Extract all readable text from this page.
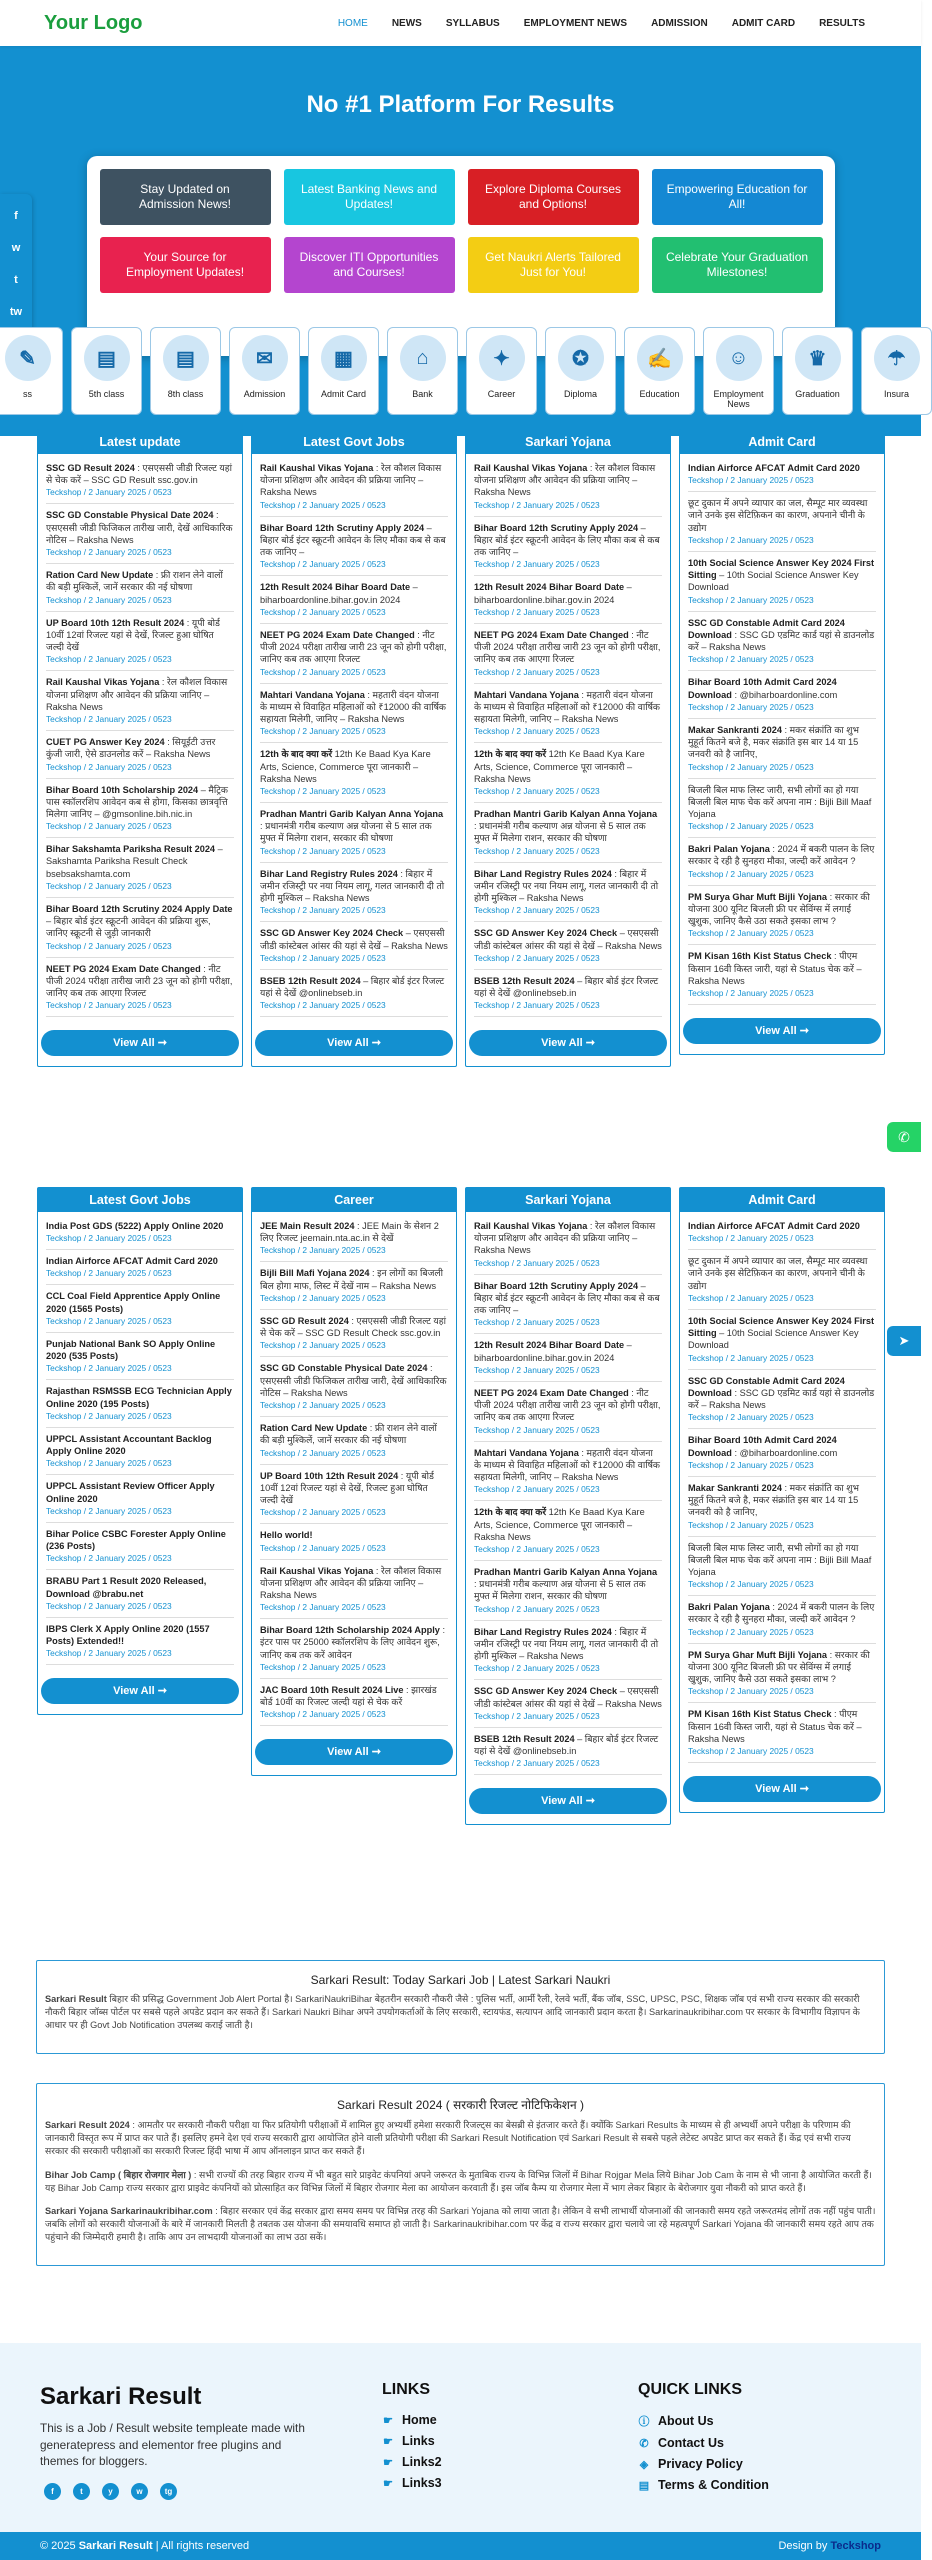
Your Logo	HOME	NEWS	SYLLABUS	EMPLOYMENT NEWS	ADMISSION	ADMIT CARD	RESULTS
No #1 Platform For Results
Stay Updated on Admission News!
Latest Banking News and Updates!
Explore Diploma Courses and Options!
Empowering Education for All!
Your Source for Employment Updates!
Discover ITI Opportunities and Courses!
Get Naukri Alerts Tailored Just for You!
Celebrate Your Graduation Milestones!
f
w
t
tw
✎
ss
▤
5th class
▤
8th class
✉
Admission
▦
Admit Card
⌂
Bank
✦
Career
✪
Diploma
✍
Education
☺
Employment News
♛
Graduation
☂
Insura
Latest update
SSC GD Result 2024 : एसएससी जीडी रिजल्ट यहां से चेक करें – SSC GD Result ssc.gov.in
Teckshop / 2 January 2025 / 0523
SSC GD Constable Physical Date 2024 : एसएससी जीडी फिजिकल तारीख जारी, देखें आधिकारिक नोटिस – Raksha News
Teckshop / 2 January 2025 / 0523
Ration Card New Update : फ्री राशन लेने वालों की बड़ी मुश्किलें, जानें सरकार की नई घोषणा
Teckshop / 2 January 2025 / 0523
UP Board 10th 12th Result 2024 : यूपी बोर्ड 10वीं 12वां रिजल्ट यहां से देखें, रिजल्ट हुआ घोषित जल्दी देखें
Teckshop / 2 January 2025 / 0523
Rail Kaushal Vikas Yojana : रेल कौशल विकास योजना प्रशिक्षण और आवेदन की प्रक्रिया जानिए – Raksha News
Teckshop / 2 January 2025 / 0523
CUET PG Answer Key 2024 : सियूईटी उत्तर कुंजी जारी, ऐसे डाउनलोड करें – Raksha News
Teckshop / 2 January 2025 / 0523
Bihar Board 10th Scholarship 2024 – मैट्रिक पास स्कॉलरशिप आवेदन कब से होगा, किसका छात्रवृत्ति मिलेगा जानिए – @gmsonline.bih.nic.in
Teckshop / 2 January 2025 / 0523
Bihar Sakshamta Pariksha Result 2024 – Sakshamta Pariksha Result Check bsebsakshamta.com
Teckshop / 2 January 2025 / 0523
Bihar Board 12th Scrutiny 2024 Apply Date – बिहार बोर्ड इंटर स्क्रूटनी आवेदन की प्रक्रिया शुरू, जानिए स्क्रूटनी से जुड़ी जानकारी
Teckshop / 2 January 2025 / 0523
NEET PG 2024 Exam Date Changed : नीट पीजी 2024 परीक्षा तारीख जारी 23 जून को होगी परीक्षा, जानिए कब तक आएगा रिजल्ट
Teckshop / 2 January 2025 / 0523
View All ➞
Latest Govt Jobs
Rail Kaushal Vikas Yojana : रेल कौशल विकास योजना प्रशिक्षण और आवेदन की प्रक्रिया जानिए – Raksha News
Teckshop / 2 January 2025 / 0523
Bihar Board 12th Scrutiny Apply 2024 – बिहार बोर्ड इंटर स्क्रूटनी आवेदन के लिए मौका कब से कब तक जानिए –
Teckshop / 2 January 2025 / 0523
12th Result 2024 Bihar Board Date – biharboardonline.bihar.gov.in 2024
Teckshop / 2 January 2025 / 0523
NEET PG 2024 Exam Date Changed : नीट पीजी 2024 परीक्षा तारीख जारी 23 जून को होगी परीक्षा, जानिए कब तक आएगा रिजल्ट
Teckshop / 2 January 2025 / 0523
Mahtari Vandana Yojana : महतारी वंदन योजना के माध्यम से विवाहित महिलाओं को ₹12000 की वार्षिक सहायता मिलेगी, जानिए – Raksha News
Teckshop / 2 January 2025 / 0523
12th के बाद क्या करें 12th Ke Baad Kya Kare Arts, Science, Commerce पूरा जानकारी – Raksha News
Teckshop / 2 January 2025 / 0523
Pradhan Mantri Garib Kalyan Anna Yojana : प्रधानमंत्री गरीब कल्याण अन्न योजना से 5 साल तक मुफ्त में मिलेगा राशन, सरकार की घोषणा
Teckshop / 2 January 2025 / 0523
Bihar Land Registry Rules 2024 : बिहार में जमीन रजिस्ट्री पर नया नियम लागू, गलत जानकारी दी तो होगी मुश्किल – Raksha News
Teckshop / 2 January 2025 / 0523
SSC GD Answer Key 2024 Check – एसएससी जीडी कांस्टेबल आंसर की यहां से देखें – Raksha News
Teckshop / 2 January 2025 / 0523
BSEB 12th Result 2024 – बिहार बोर्ड इंटर रिजल्ट यहां से देखें @onlinebseb.in
Teckshop / 2 January 2025 / 0523
View All ➞
Sarkari Yojana
Rail Kaushal Vikas Yojana : रेल कौशल विकास योजना प्रशिक्षण और आवेदन की प्रक्रिया जानिए – Raksha News
Teckshop / 2 January 2025 / 0523
Bihar Board 12th Scrutiny Apply 2024 – बिहार बोर्ड इंटर स्क्रूटनी आवेदन के लिए मौका कब से कब तक जानिए –
Teckshop / 2 January 2025 / 0523
12th Result 2024 Bihar Board Date – biharboardonline.bihar.gov.in 2024
Teckshop / 2 January 2025 / 0523
NEET PG 2024 Exam Date Changed : नीट पीजी 2024 परीक्षा तारीख जारी 23 जून को होगी परीक्षा, जानिए कब तक आएगा रिजल्ट
Teckshop / 2 January 2025 / 0523
Mahtari Vandana Yojana : महतारी वंदन योजना के माध्यम से विवाहित महिलाओं को ₹12000 की वार्षिक सहायता मिलेगी, जानिए – Raksha News
Teckshop / 2 January 2025 / 0523
12th के बाद क्या करें 12th Ke Baad Kya Kare Arts, Science, Commerce पूरा जानकारी – Raksha News
Teckshop / 2 January 2025 / 0523
Pradhan Mantri Garib Kalyan Anna Yojana : प्रधानमंत्री गरीब कल्याण अन्न योजना से 5 साल तक मुफ्त में मिलेगा राशन, सरकार की घोषणा
Teckshop / 2 January 2025 / 0523
Bihar Land Registry Rules 2024 : बिहार में जमीन रजिस्ट्री पर नया नियम लागू, गलत जानकारी दी तो होगी मुश्किल – Raksha News
Teckshop / 2 January 2025 / 0523
SSC GD Answer Key 2024 Check – एसएससी जीडी कांस्टेबल आंसर की यहां से देखें – Raksha News
Teckshop / 2 January 2025 / 0523
BSEB 12th Result 2024 – बिहार बोर्ड इंटर रिजल्ट यहां से देखें @onlinebseb.in
Teckshop / 2 January 2025 / 0523
View All ➞
Admit Card
Indian Airforce AFCAT Admit Card 2020
Teckshop / 2 January 2025 / 0523
छूट दुकान में अपने व्यापार का जल, सैम्पूट मार व्यवस्था जाने उनके इस सेटिफ़िकन का कारण, अपनाने चीनी के उद्योग
Teckshop / 2 January 2025 / 0523
10th Social Science Answer Key 2024 First Sitting – 10th Social Science Answer Key Download
Teckshop / 2 January 2025 / 0523
SSC GD Constable Admit Card 2024 Download : SSC GD एडमिट कार्ड यहां से डाउनलोड करें – Raksha News
Teckshop / 2 January 2025 / 0523
Bihar Board 10th Admit Card 2024 Download : @biharboardonline.com
Teckshop / 2 January 2025 / 0523
Makar Sankranti 2024 : मकर संक्रांति का शुभ मुहूर्त कितने बजे है, मकर संक्रांति इस बार 14 या 15 जनवरी को है जानिए,
Teckshop / 2 January 2025 / 0523
बिजली बिल माफ लिस्ट जारी, सभी लोगों का हो गया बिजली बिल माफ चेक करें अपना नाम : Bijli Bill Maaf Yojana
Teckshop / 2 January 2025 / 0523
Bakri Palan Yojana : 2024 में बकरी पालन के लिए सरकार दे रही है सुनहरा मौका, जल्दी करें आवेदन ?
Teckshop / 2 January 2025 / 0523
PM Surya Ghar Muft Bijli Yojana : सरकार की योजना 300 यूनिट बिजली फ्री पर सेविंग्स में लगाई खुशुक, जानिए कैसे उठा सकते इसका लाभ ?
Teckshop / 2 January 2025 / 0523
PM Kisan 16th Kist Status Check : पीएम किसान 16वी किस्त जारी, यहां से Status चेक करें – Raksha News
Teckshop / 2 January 2025 / 0523
View All ➞
Latest Govt Jobs
India Post GDS (5222) Apply Online 2020
Teckshop / 2 January 2025 / 0523
Indian Airforce AFCAT Admit Card 2020
Teckshop / 2 January 2025 / 0523
CCL Coal Field Apprentice Apply Online 2020 (1565 Posts)
Teckshop / 2 January 2025 / 0523
Punjab National Bank SO Apply Online 2020 (535 Posts)
Teckshop / 2 January 2025 / 0523
Rajasthan RSMSSB ECG Technician Apply Online 2020 (195 Posts)
Teckshop / 2 January 2025 / 0523
UPPCL Assistant Accountant Backlog Apply Online 2020
Teckshop / 2 January 2025 / 0523
UPPCL Assistant Review Officer Apply Online 2020
Teckshop / 2 January 2025 / 0523
Bihar Police CSBC Forester Apply Online (236 Posts)
Teckshop / 2 January 2025 / 0523
BRABU Part 1 Result 2020 Released, Download @brabu.net
Teckshop / 2 January 2025 / 0523
IBPS Clerk X Apply Online 2020 (1557 Posts) Extended!!
Teckshop / 2 January 2025 / 0523
View All ➞
Career
JEE Main Result 2024 : JEE Main के सेशन 2 लिए रिजल्ट jeemain.nta.ac.in से देखें
Teckshop / 2 January 2025 / 0523
Bijli Bill Mafi Yojana 2024 : इन लोगों का बिजली बिल होगा माफ, लिस्ट में देखें नाम – Raksha News
Teckshop / 2 January 2025 / 0523
SSC GD Result 2024 : एसएससी जीडी रिजल्ट यहां से चेक करें – SSC GD Result Check ssc.gov.in
Teckshop / 2 January 2025 / 0523
SSC GD Constable Physical Date 2024 : एसएससी जीडी फिजिकल तारीख जारी, देखें आधिकारिक नोटिस – Raksha News
Teckshop / 2 January 2025 / 0523
Ration Card New Update : फ्री राशन लेने वालों की बड़ी मुश्किलें, जानें सरकार की नई घोषणा
Teckshop / 2 January 2025 / 0523
UP Board 10th 12th Result 2024 : यूपी बोर्ड 10वीं 12वां रिजल्ट यहां से देखें, रिजल्ट हुआ घोषित जल्दी देखें
Teckshop / 2 January 2025 / 0523
Hello world!
Teckshop / 2 January 2025 / 0523
Rail Kaushal Vikas Yojana : रेल कौशल विकास योजना प्रशिक्षण और आवेदन की प्रक्रिया जानिए – Raksha News
Teckshop / 2 January 2025 / 0523
Bihar Board 12th Scholarship 2024 Apply : इंटर पास पर 25000 स्कॉलरशिप के लिए आवेदन शुरू, जानिए कब तक करें आवेदन
Teckshop / 2 January 2025 / 0523
JAC Board 10th Result 2024 Live : झारखंड बोर्ड 10वीं का रिजल्ट जल्दी यहां से चेक करें
Teckshop / 2 January 2025 / 0523
View All ➞
Sarkari Yojana
Rail Kaushal Vikas Yojana : रेल कौशल विकास योजना प्रशिक्षण और आवेदन की प्रक्रिया जानिए – Raksha News
Teckshop / 2 January 2025 / 0523
Bihar Board 12th Scrutiny Apply 2024 – बिहार बोर्ड इंटर स्क्रूटनी आवेदन के लिए मौका कब से कब तक जानिए –
Teckshop / 2 January 2025 / 0523
12th Result 2024 Bihar Board Date – biharboardonline.bihar.gov.in 2024
Teckshop / 2 January 2025 / 0523
NEET PG 2024 Exam Date Changed : नीट पीजी 2024 परीक्षा तारीख जारी 23 जून को होगी परीक्षा, जानिए कब तक आएगा रिजल्ट
Teckshop / 2 January 2025 / 0523
Mahtari Vandana Yojana : महतारी वंदन योजना के माध्यम से विवाहित महिलाओं को ₹12000 की वार्षिक सहायता मिलेगी, जानिए – Raksha News
Teckshop / 2 January 2025 / 0523
12th के बाद क्या करें 12th Ke Baad Kya Kare Arts, Science, Commerce पूरा जानकारी – Raksha News
Teckshop / 2 January 2025 / 0523
Pradhan Mantri Garib Kalyan Anna Yojana : प्रधानमंत्री गरीब कल्याण अन्न योजना से 5 साल तक मुफ्त में मिलेगा राशन, सरकार की घोषणा
Teckshop / 2 January 2025 / 0523
Bihar Land Registry Rules 2024 : बिहार में जमीन रजिस्ट्री पर नया नियम लागू, गलत जानकारी दी तो होगी मुश्किल – Raksha News
Teckshop / 2 January 2025 / 0523
SSC GD Answer Key 2024 Check – एसएससी जीडी कांस्टेबल आंसर की यहां से देखें – Raksha News
Teckshop / 2 January 2025 / 0523
BSEB 12th Result 2024 – बिहार बोर्ड इंटर रिजल्ट यहां से देखें @onlinebseb.in
Teckshop / 2 January 2025 / 0523
View All ➞
Admit Card
Indian Airforce AFCAT Admit Card 2020
Teckshop / 2 January 2025 / 0523
छूट दुकान में अपने व्यापार का जल, सैम्पूट मार व्यवस्था जाने उनके इस सेटिफ़िकन का कारण, अपनाने चीनी के उद्योग
Teckshop / 2 January 2025 / 0523
10th Social Science Answer Key 2024 First Sitting – 10th Social Science Answer Key Download
Teckshop / 2 January 2025 / 0523
SSC GD Constable Admit Card 2024 Download : SSC GD एडमिट कार्ड यहां से डाउनलोड करें – Raksha News
Teckshop / 2 January 2025 / 0523
Bihar Board 10th Admit Card 2024 Download : @biharboardonline.com
Teckshop / 2 January 2025 / 0523
Makar Sankranti 2024 : मकर संक्रांति का शुभ मुहूर्त कितने बजे है, मकर संक्रांति इस बार 14 या 15 जनवरी को है जानिए,
Teckshop / 2 January 2025 / 0523
बिजली बिल माफ लिस्ट जारी, सभी लोगों का हो गया बिजली बिल माफ चेक करें अपना नाम : Bijli Bill Maaf Yojana
Teckshop / 2 January 2025 / 0523
Bakri Palan Yojana : 2024 में बकरी पालन के लिए सरकार दे रही है सुनहरा मौका, जल्दी करें आवेदन ?
Teckshop / 2 January 2025 / 0523
PM Surya Ghar Muft Bijli Yojana : सरकार की योजना 300 यूनिट बिजली फ्री पर सेविंग्स में लगाई खुशुक, जानिए कैसे उठा सकते इसका लाभ ?
Teckshop / 2 January 2025 / 0523
PM Kisan 16th Kist Status Check : पीएम किसान 16वी किस्त जारी, यहां से Status चेक करें – Raksha News
Teckshop / 2 January 2025 / 0523
View All ➞
Sarkari Result: Today Sarkari Job | Latest Sarkari Naukri

Sarkari Result बिहार की प्रसिद्ध Government Job Alert Portal है। SarkariNaukriBihar बेहतरीन सरकारी नौकरी जैसे : पुलिस भर्ती, आर्मी रैली, रेलवे भर्ती, बैंक जॉब, SSC, UPSC, PSC, शिक्षक जॉब एवं सभी राज्य सरकार की सरकारी नौकरी बिहार जॉब्स पोर्टल पर सबसे पहले अपडेट प्रदान कर सकते हैं। Sarkari Naukri Bihar अपने उपयोगकर्ताओं के लिए सरकारी, स्टायफंड, सत्यापन आदि जानकारी प्रदान करता है। Sarkarinaukribihar.com पर सरकार के विभागीय विज्ञापन के आधार पर ही Govt Job Notification उपलब्ध कराई जाती है।

Sarkari Result 2024 ( सरकारी रिजल्ट नोटिफिकेशन )

Sarkari Result 2024 : आमतौर पर सरकारी नौकरी परीक्षा या फिर प्रतियोगी परीक्षाओं में शामिल हुए अभ्यर्थी हमेशा सरकारी रिजल्ट्स का बेसब्री से इंतजार करते हैं। क्योंकि Sarkari Results के माध्यम से ही अभ्यर्थी अपने परीक्षा के परिणाम की जानकारी विस्तृत रूप में प्राप्त कर पाते हैं। इसलिए हमने देश एवं राज्य सरकारी द्वारा आयोजित होने वाली प्रतियोगी परीक्षा की Sarkari Result Notification एवं Sarkari Result से सबसे पहले लेटेस्ट अपडेट प्राप्त कर सकते हैं। केंद्र एवं सभी राज्य सरकार की सरकारी परीक्षाओं का सरकारी रिजल्ट हिंदी भाषा में आप ऑनलाइन प्राप्त कर सकते हैं।

Bihar Job Camp ( बिहार रोजगार मेला ) : सभी राज्यों की तरह बिहार राज्य में भी बहुत सारे प्राइवेट कंपनियां अपने जरूरत के मुताबिक राज्य के विभिन्न जिलों में Bihar Rojgar Mela लिये Bihar Job Cam के नाम से भी जाना है आयोजित करती हैं। यह Bihar Job Camp राज्य सरकार द्वारा प्राइवेट कंपनियों को प्रोत्साहित कर विभिन्न जिलों में बिहार रोजगार मेला का आयोजन करवाती हैं। इस जॉब कैम्प या रोजगार मेला में भाग लेकर बिहार के बेरोजगार युवा नौकरी को प्राप्त करते हैं।

Sarkari Yojana Sarkarinaukribihar.com : बिहार सरकार एवं केंद्र सरकार द्वारा समय समय पर विभिन्न तरह की Sarkari Yojana को लाया जाता है। लेकिन वे सभी लाभार्थी योजनाओं की जानकारी समय रहते जरूरतमंद लोगों तक नहीं पहुंच पाती। जबकि लोगों को सरकारी योजनाओं के बारे में जानकारी मिलती है तबतक उस योजना की समयावधि समाप्त हो जाती है। Sarkarinaukribihar.com पर केंद्र व राज्य सरकार द्वारा चलाये जा रहे महत्वपूर्ण Sarkari Yojana की जानकारी समय रहते आप तक पहुंचाने की जिम्मेदारी हमारी है। ताकि आप उन लाभदायी योजनाओं का लाभ उठा सकें।

Sarkari Result
This is a Job / Result website templeate made with generatepress and elementor free plugins and themes for bloggers.
f	t	y	w	tg
LINKS
☛ Home
☛ Links
☛ Links2
☛ Links3
QUICK LINKS
ⓘ About Us
✆ Contact Us
◈ Privacy Policy
▤ Terms & Condition
© 2025 Sarkari Result | All rights reserved	Design by Teckshop
✆
➤
